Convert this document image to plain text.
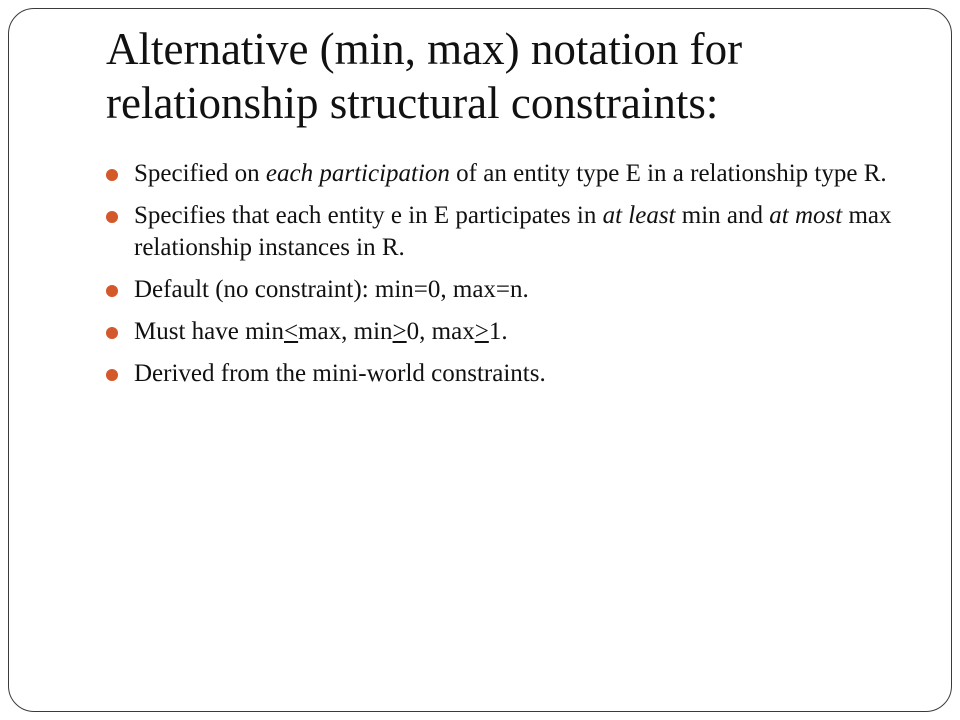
Alternative (min, max) notation for relationship structural constraints:
Specified on each participation of an entity type E in a relationship type R.
Specifies that each entity e in E participates in at least min and at most max relationship instances in R.
Default (no constraint): min=0, max=n.
Must have min<max, min>0, max>1.
Derived from the mini-world constraints.
